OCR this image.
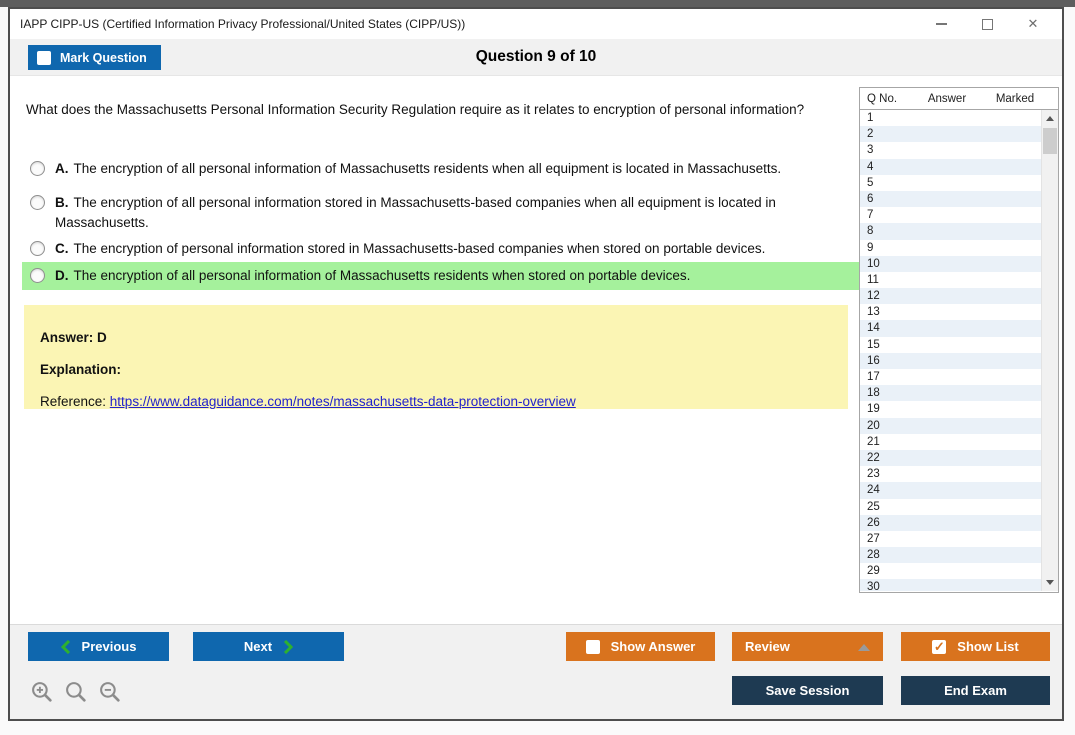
IAPP CIPP-US (Certified Information Privacy Professional/United States (CIPP/US))	✕
Mark Question	Question 9 of 10
What does the Massachusetts Personal Information Security Regulation require as it relates to encryption of personal information?
A. The encryption of all personal information of Massachusetts residents when all equipment is located in Massachusetts.
B. The encryption of all personal information stored in Massachusetts-based companies when all equipment is located in Massachusetts.
C. The encryption of personal information stored in Massachusetts-based companies when stored on portable devices.
D. The encryption of all personal information of Massachusetts residents when stored on portable devices.

Answer: D

Explanation:

Reference: https://www.dataguidance.com/notes/massachusetts-data-protection-overview

Q No.	Answer	Marked
1
2
3
4
5
6
7
8
9
10
11
12
13
14
15
16
17
18
19
20
21
22
23
24
25
26
27
28
29
30
Previous	Next	Show Answer	Review	✓ Show List
Save Session	End Exam
